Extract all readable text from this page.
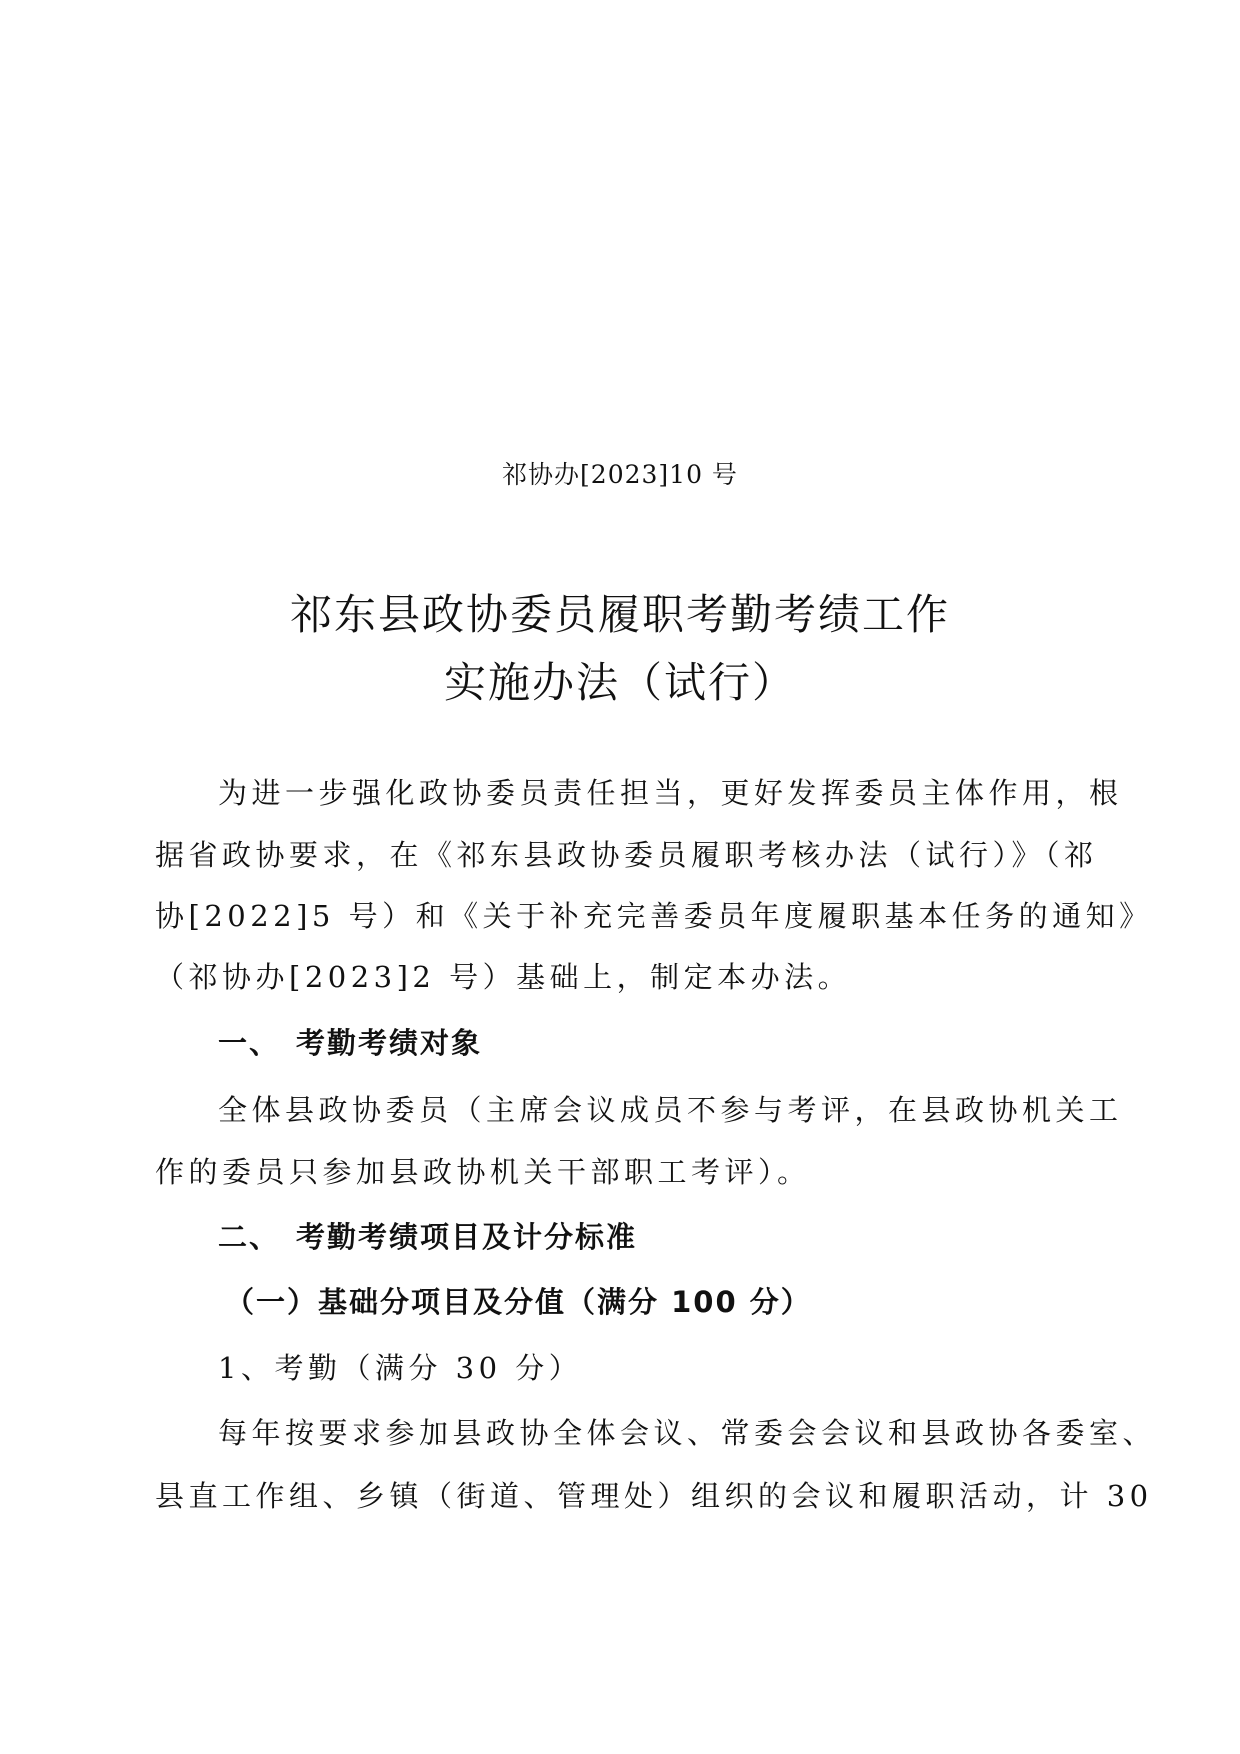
祁协办[2023]10 号
祁东县政协委员履职考勤考绩工作
实施办法（试行）
为进一步强化政协委员责任担当，更好发挥委员主体作用，根
据省政协要求，在《祁东县政协委员履职考核办法（试行）》（祁
协[2022]5 号）和《关于补充完善委员年度履职基本任务的通知》
（祁协办[2023]2 号）基础上，制定本办法。
一、 考勤考绩对象
全体县政协委员（主席会议成员不参与考评，在县政协机关工
作的委员只参加县政协机关干部职工考评）。
二、 考勤考绩项目及计分标准
（一）基础分项目及分值（满分 100 分）
1、考勤（满分 30 分）
每年按要求参加县政协全体会议、常委会会议和县政协各委室、
县直工作组、乡镇（街道、管理处）组织的会议和履职活动，计 30
